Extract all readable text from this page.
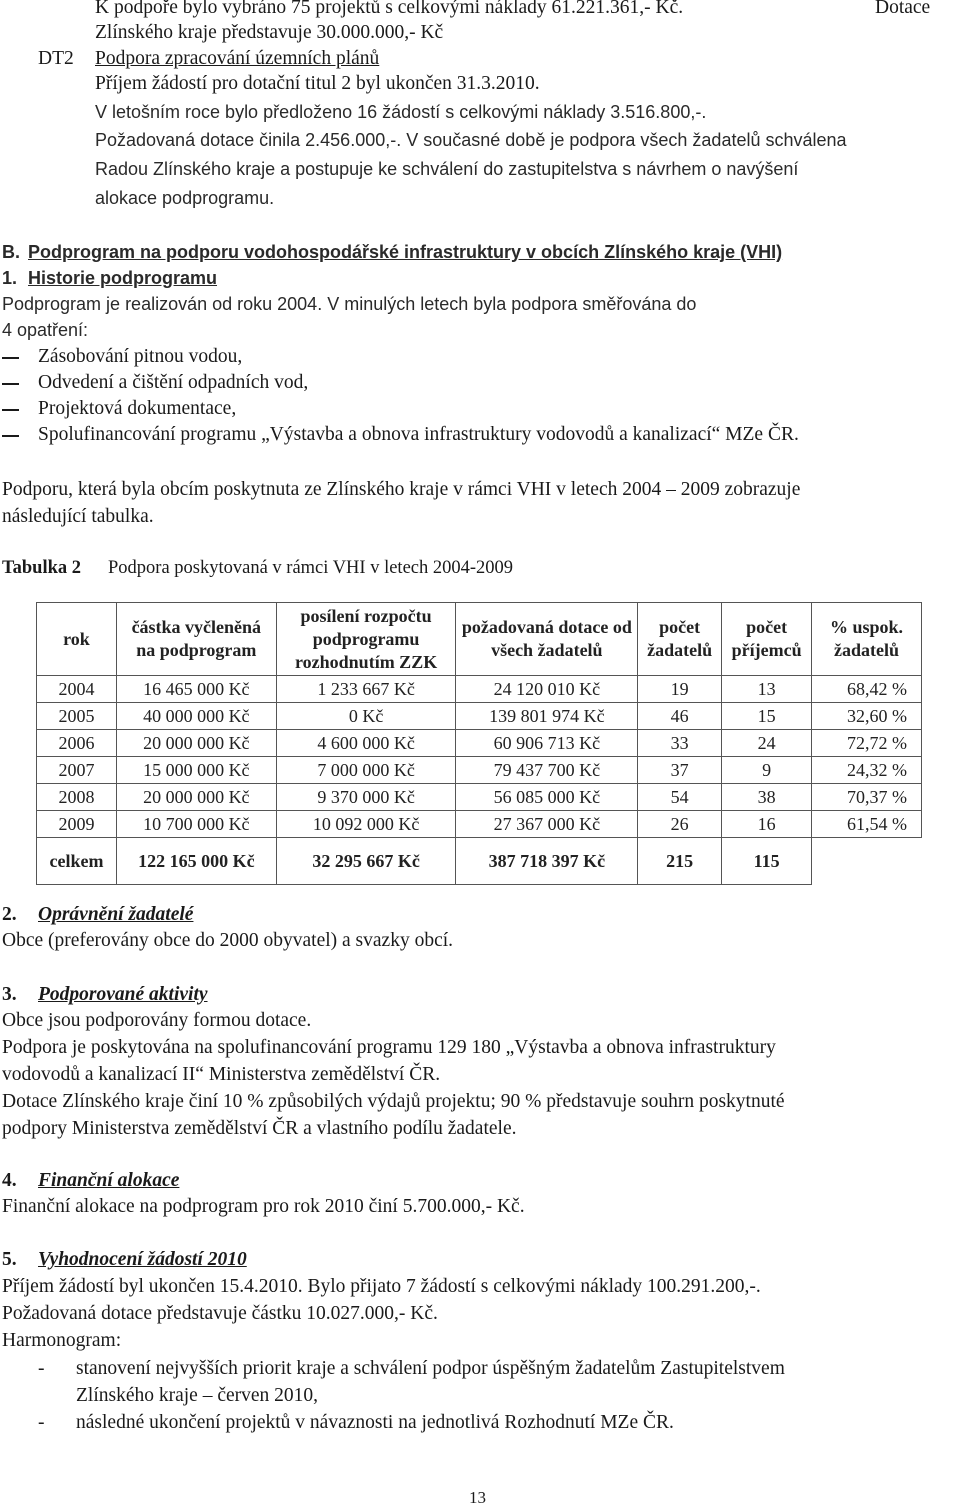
K podpoře bylo vybráno 75 projektů s celkovými náklady 61.221.361,- Kč.	Dotace
Zlínského kraje představuje 30.000.000,- Kč
DT2 Podpora zpracování územních plánů
Příjem žádostí pro dotační titul 2 byl ukončen 31.3.2010.
V letošním roce bylo předloženo 16 žádostí s celkovými náklady 3.516.800,-.
Požadovaná dotace činila 2.456.000,-. V současné době je podpora všech žadatelů schválena
Radou Zlínského kraje a postupuje ke schválení do zastupitelstva s návrhem o navýšení
alokace podprogramu.
B. Podprogram na podporu vodohospodářské infrastruktury v obcích Zlínského kraje (VHI)
1. Historie podprogramu
Podprogram je realizován od roku 2004. V minulých letech byla podpora směřována do
4 opatření:
Zásobování pitnou vodou,
Odvedení a čištění odpadních vod,
Projektová dokumentace,
Spolufinancování programu „Výstavba a obnova infrastruktury vodovodů a kanalizací“ MZe ČR.
Podporu, která byla obcím poskytnuta ze Zlínského kraje v rámci VHI v letech 2004 – 2009 zobrazuje
následující tabulka.
Tabulka 2 Podpora poskytovaná v rámci VHI v letech 2004-2009
rok	částka vyčleněná na podprogram	posílení rozpočtu podprogramu rozhodnutím ZZK	požadovaná dotace od všech žadatelů	počet žadatelů	počet příjemců	% uspok. žadatelů
2004	16 465 000 Kč	1 233 667 Kč	24 120 010 Kč	19	13	68,42 %
2005	40 000 000 Kč	0 Kč	139 801 974 Kč	46	15	32,60 %
2006	20 000 000 Kč	4 600 000 Kč	60 906 713 Kč	33	24	72,72 %
2007	15 000 000 Kč	7 000 000 Kč	79 437 700 Kč	37	9	24,32 %
2008	20 000 000 Kč	9 370 000 Kč	56 085 000 Kč	54	38	70,37 %
2009	10 700 000 Kč	10 092 000 Kč	27 367 000 Kč	26	16	61,54 %
celkem	122 165 000 Kč	32 295 667 Kč	387 718 397 Kč	215	115	
2. Oprávnění žadatelé
Obce (preferovány obce do 2000 obyvatel) a svazky obcí.
3. Podporované aktivity
Obce jsou podporovány formou dotace.
Podpora je poskytována na spolufinancování programu 129 180 „Výstavba a obnova infrastruktury
vodovodů a kanalizací II“ Ministerstva zemědělství ČR.
Dotace Zlínského kraje činí 10 % způsobilých výdajů projektu; 90 % představuje souhrn poskytnuté
podpory Ministerstva zemědělství ČR a vlastního podílu žadatele.
4. Finanční alokace
Finanční alokace na podprogram pro rok 2010 činí 5.700.000,- Kč.
5. Vyhodnocení žádostí 2010
Příjem žádostí byl ukončen 15.4.2010. Bylo přijato 7 žádostí s celkovými náklady 100.291.200,-.
Požadovaná dotace představuje částku 10.027.000,- Kč.
Harmonogram:
- stanovení nejvyšších priorit kraje a schválení podpor úspěšným žadatelům Zastupitelstvem
Zlínského kraje – červen 2010,
- následné ukončení projektů v návaznosti na jednotlivá Rozhodnutí MZe ČR.
13
